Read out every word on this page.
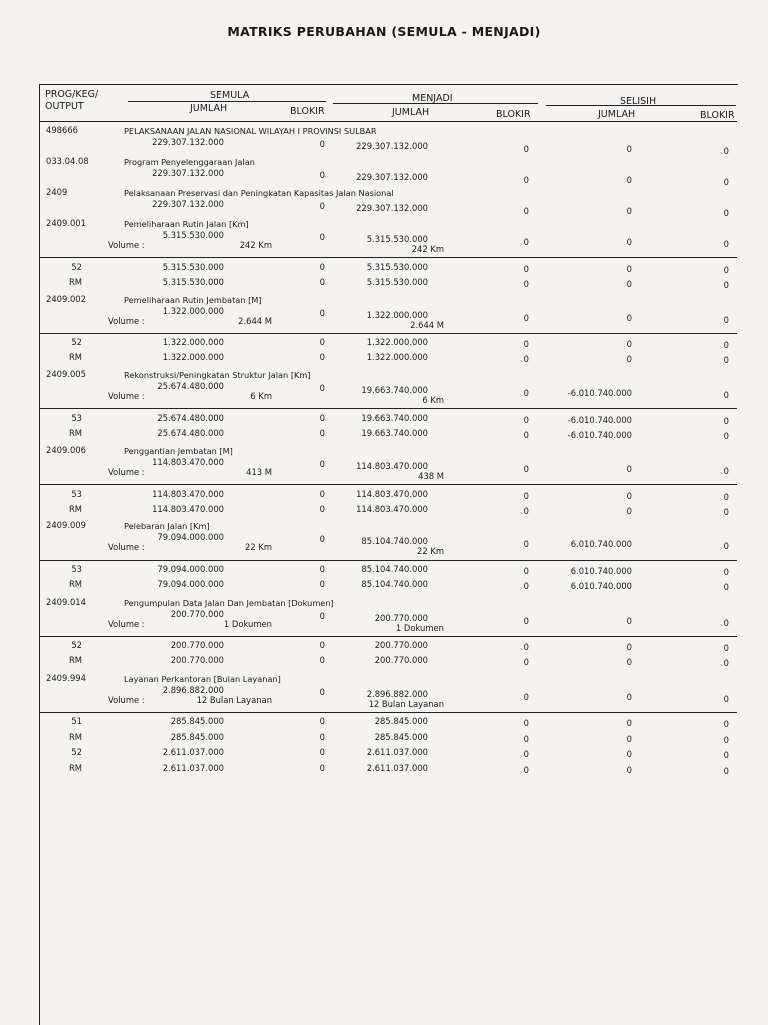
MATRIKS PERUBAHAN (SEMULA - MENJADI)
PROG/KEG/
OUTPUT
SEMULA
JUMLAH	BLOKIR
MENJADI
JUMLAH	BLOKIR
SELISIH
JUMLAH	BLOKIR
498666	PELAKSANAAN JALAN NASIONAL WILAYAH I PROVINSI SULBAR
229.307.132.000	0	229.307.132.000	0	0	0
033.04.08	Program Penyelenggaraan Jalan
229.307.132.000	0	229.307.132.000	0	0	0
2409	Pelaksanaan Preservasi dan Peningkatan Kapasitas Jalan Nasional
229.307.132.000	0	229.307.132.000	0	0	0
2409.001	Pemeliharaan Rutin Jalan [Km]
5.315.530.000	0	5.315.530.000	0	0	0
Volume :	242 Km	242 Km
52	5.315.530.000	0	5.315.530.000	0	0	0
RM	5.315.530.000	0	5.315.530.000	0	0	0
2409.002	Pemeliharaan Rutin Jembatan [M]
1.322.000.000	0	1.322.000.000	0	0	0
Volume :	2.644 M	2.644 M
52	1.322.000.000	0	1.322.000.000	0	0	0
RM	1.322.000.000	0	1.322.000.000	0	0	0
2409.005	Rekonstruksi/Peningkatan Struktur Jalan [Km]
25.674.480.000	0	19.663.740.000	0	-6.010.740.000	0
Volume :	6 Km	6 Km
53	25.674.480.000	0	19.663.740.000	0	-6.010.740.000	0
RM	25.674.480.000	0	19.663.740.000	0	-6.010.740.000	0
2409.006	Penggantian Jembatan [M]
114.803.470.000	0	114.803.470.000	0	0	0
Volume :	413 M	438 M
53	114.803.470.000	0	114.803.470.000	0	0	0
RM	114.803.470.000	0	114.803.470.000	0	0	0
2409.009	Pelebaran Jalan [Km]
79.094.000.000	0	85.104.740.000	0	6.010.740.000	0
Volume :	22 Km	22 Km
53	79.094.000.000	0	85.104.740.000	0	6.010.740.000	0
RM	79.094.000.000	0	85.104.740.000	0	6.010.740.000	0
2409.014	Pengumpulan Data Jalan Dan Jembatan [Dokumen]
200.770.000	0	200.770.000	0	0	0
Volume :	1 Dokumen	1 Dokumen
52	200.770.000	0	200.770.000	0	0	0
RM	200.770.000	0	200.770.000	0	0	0
2409.994	Layanan Perkantoran [Bulan Layanan]
2.896.882.000	0	2.896.882.000	0	0	0
Volume :	12 Bulan Layanan	12 Bulan Layanan
51	285.845.000	0	285.845.000	0	0	0
RM	285.845.000	0	285.845.000	0	0	0
52	2.611.037.000	0	2.611.037.000	0	0	0
RM	2.611.037.000	0	2.611.037.000	0	0	0
